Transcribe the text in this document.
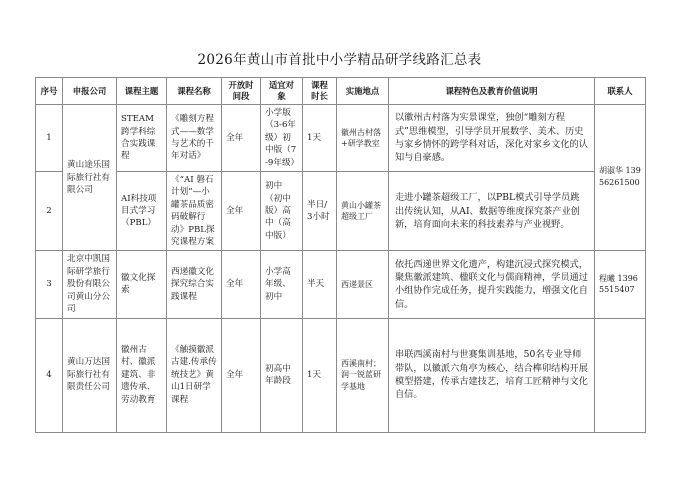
2026年黄山市首批中小学精品研学线路汇总表
序号	申报公司	课程主题	课程名称	开放时间段	适宜对象	课程时长	实施地点	课程特色及教育价值说明	联系人
1	黄山途乐国际旅行社有限公司	STEAM跨学科综合实践课程	《雕刻方程式——数学与艺术的千年对话》	全年	小学版（3-6年级）初中版（7-9年级）	1天	徽州古村落+研学教室	以徽州古村落为实景课堂，独创“雕刻方程式”思维模型，引导学员开展数学、美术、历史与家乡情怀的跨学科对话，深化对家乡文化的认知与自豪感。	胡淑华 13956261500
2		AI科技项目式学习（PBL）	《“AI 磐石计划”—小罐茶品质密码破解行动》PBL探究课程方案	全年	初中（初中版）高中（高中版）	半日/3小时	黄山小罐茶超级工厂	走进小罐茶超级工厂，以PBL模式引导学员跳出传统认知，从AI、数据等维度探究茶产业创新，培育面向未来的科技素养与产业视野。	
3	北京中凯国际研学旅行股份有限公司黄山分公司	徽文化探索	西递徽文化探究综合实践课程	全年	小学高年级、初中	半天	西递景区	依托西递世界文化遗产，构建沉浸式探究模式，聚焦徽派建筑、楹联文化与儒商精神，学员通过小组协作完成任务，提升实践能力，增强文化自信。	程曦 13965515407
4	黄山万达国际旅行社有限责任公司	徽州古村、徽派建筑、非遗传承、劳动教育	《触摸徽派古建.传承传统技艺》黄山1日研学课程	全年	初高中年龄段	1天	西溪南村；润一锐蓝研学基地	串联西溪南村与世赛集训基地，50名专业导师带队，以徽派六角亭为核心，结合榫卯结构开展模型搭建，传承古建技艺，培育工匠精神与文化自信。	
